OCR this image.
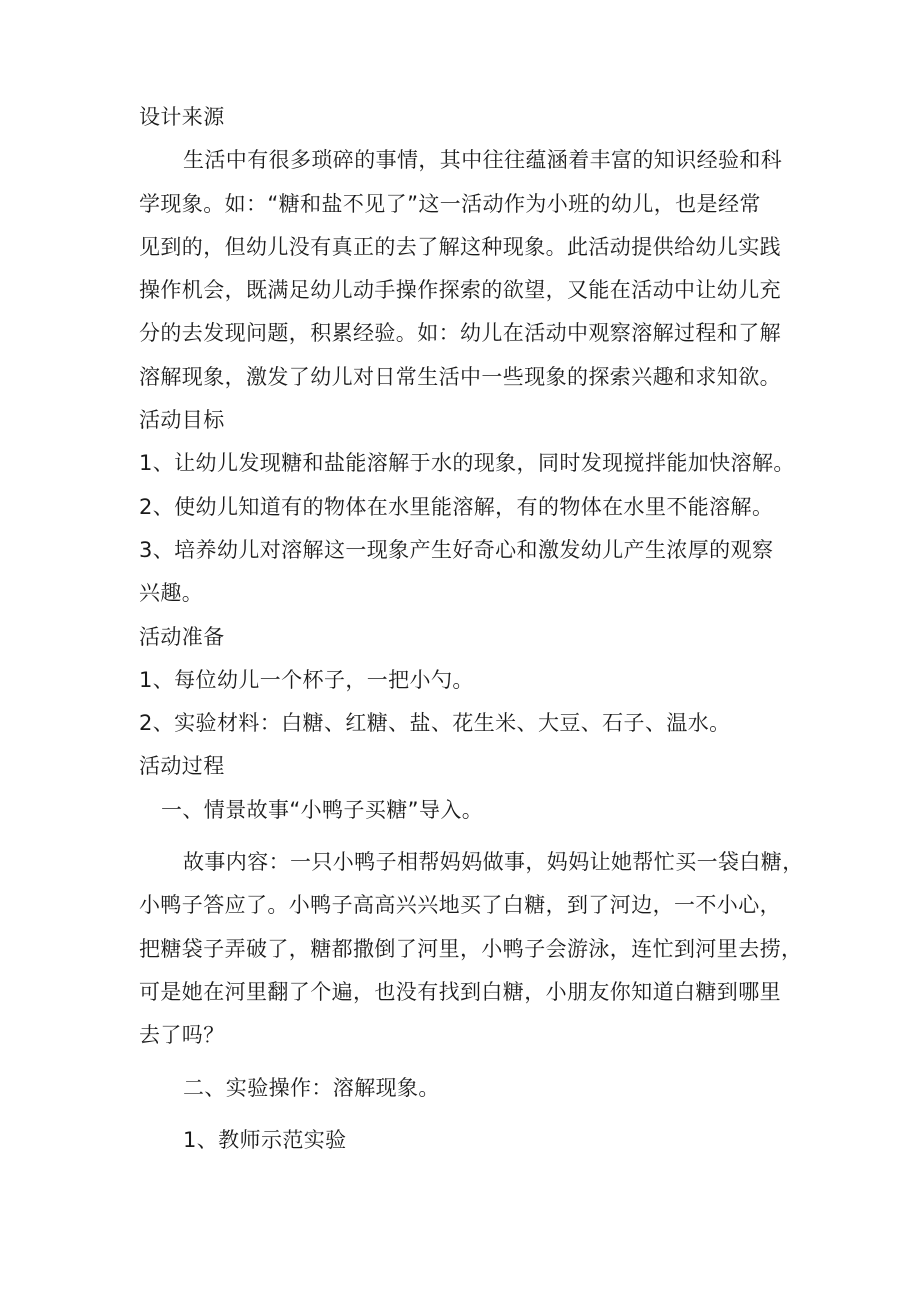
设计来源
生活中有很多琐碎的事情，其中往往蕴涵着丰富的知识经验和科
学现象。如：“糖和盐不见了”这一活动作为小班的幼儿，也是经常
见到的，但幼儿没有真正的去了解这种现象。此活动提供给幼儿实践
操作机会，既满足幼儿动手操作探索的欲望，又能在活动中让幼儿充
分的去发现问题，积累经验。如：幼儿在活动中观察溶解过程和了解
溶解现象，激发了幼儿对日常生活中一些现象的探索兴趣和求知欲。
活动目标
1、让幼儿发现糖和盐能溶解于水的现象，同时发现搅拌能加快溶解。
2、使幼儿知道有的物体在水里能溶解，有的物体在水里不能溶解。
3、培养幼儿对溶解这一现象产生好奇心和激发幼儿产生浓厚的观察
兴趣。
活动准备
1、每位幼儿一个杯子，一把小勺。
2、实验材料：白糖、红糖、盐、花生米、大豆、石子、温水。
活动过程
一、情景故事“小鸭子买糖”导入。
故事内容：一只小鸭子相帮妈妈做事，妈妈让她帮忙买一袋白糖，
小鸭子答应了。小鸭子高高兴兴地买了白糖，到了河边，一不小心，
把糖袋子弄破了，糖都撒倒了河里，小鸭子会游泳，连忙到河里去捞，
可是她在河里翻了个遍，也没有找到白糖，小朋友你知道白糖到哪里
去了吗？
二、实验操作：溶解现象。
1、教师示范实验
